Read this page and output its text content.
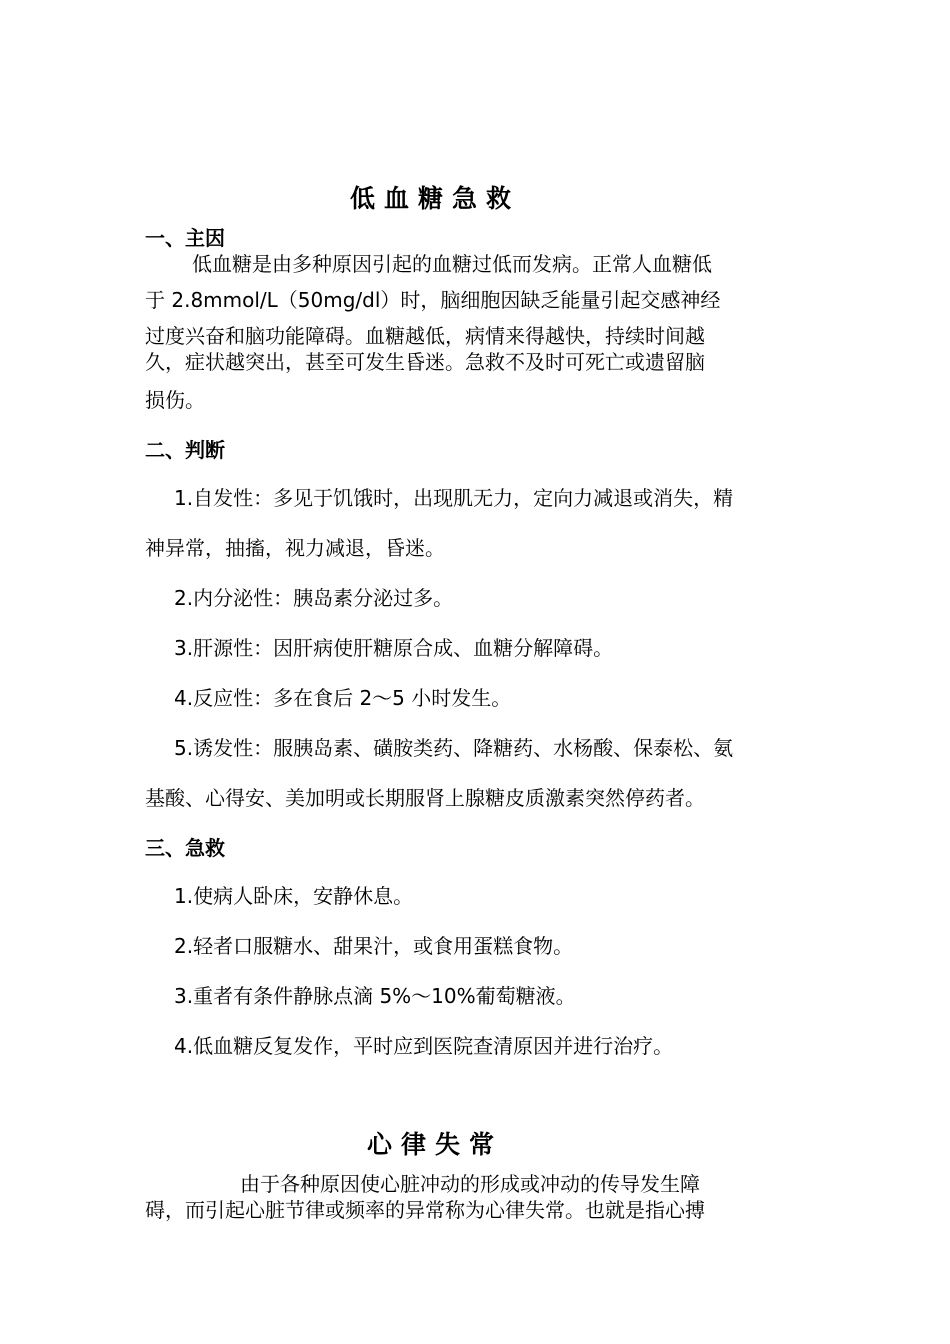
低血糖急救
一、主因
低血糖是由多种原因引起的血糖过低而发病。正常人血糖低
于 2.8mmol/L（50mg/dl）时，脑细胞因缺乏能量引起交感神经
过度兴奋和脑功能障碍。血糖越低，病情来得越快，持续时间越
久，症状越突出，甚至可发生昏迷。急救不及时可死亡或遗留脑
损伤。
二、判断
1.自发性：多见于饥饿时，出现肌无力，定向力减退或消失，精
神异常，抽搐，视力减退，昏迷。
2.内分泌性：胰岛素分泌过多。
3.肝源性：因肝病使肝糖原合成、血糖分解障碍。
4.反应性：多在食后 2～5 小时发生。
5.诱发性：服胰岛素、磺胺类药、降糖药、水杨酸、保泰松、氨
基酸、心得安、美加明或长期服肾上腺糖皮质激素突然停药者。
三、急救
1.使病人卧床，安静休息。
2.轻者口服糖水、甜果汁，或食用蛋糕食物。
3.重者有条件静脉点滴 5%～10%葡萄糖液。
4.低血糖反复发作，平时应到医院查清原因并进行治疗。
心律失常
由于各种原因使心脏冲动的形成或冲动的传导发生障
碍，而引起心脏节律或频率的异常称为心律失常。也就是指心搏
